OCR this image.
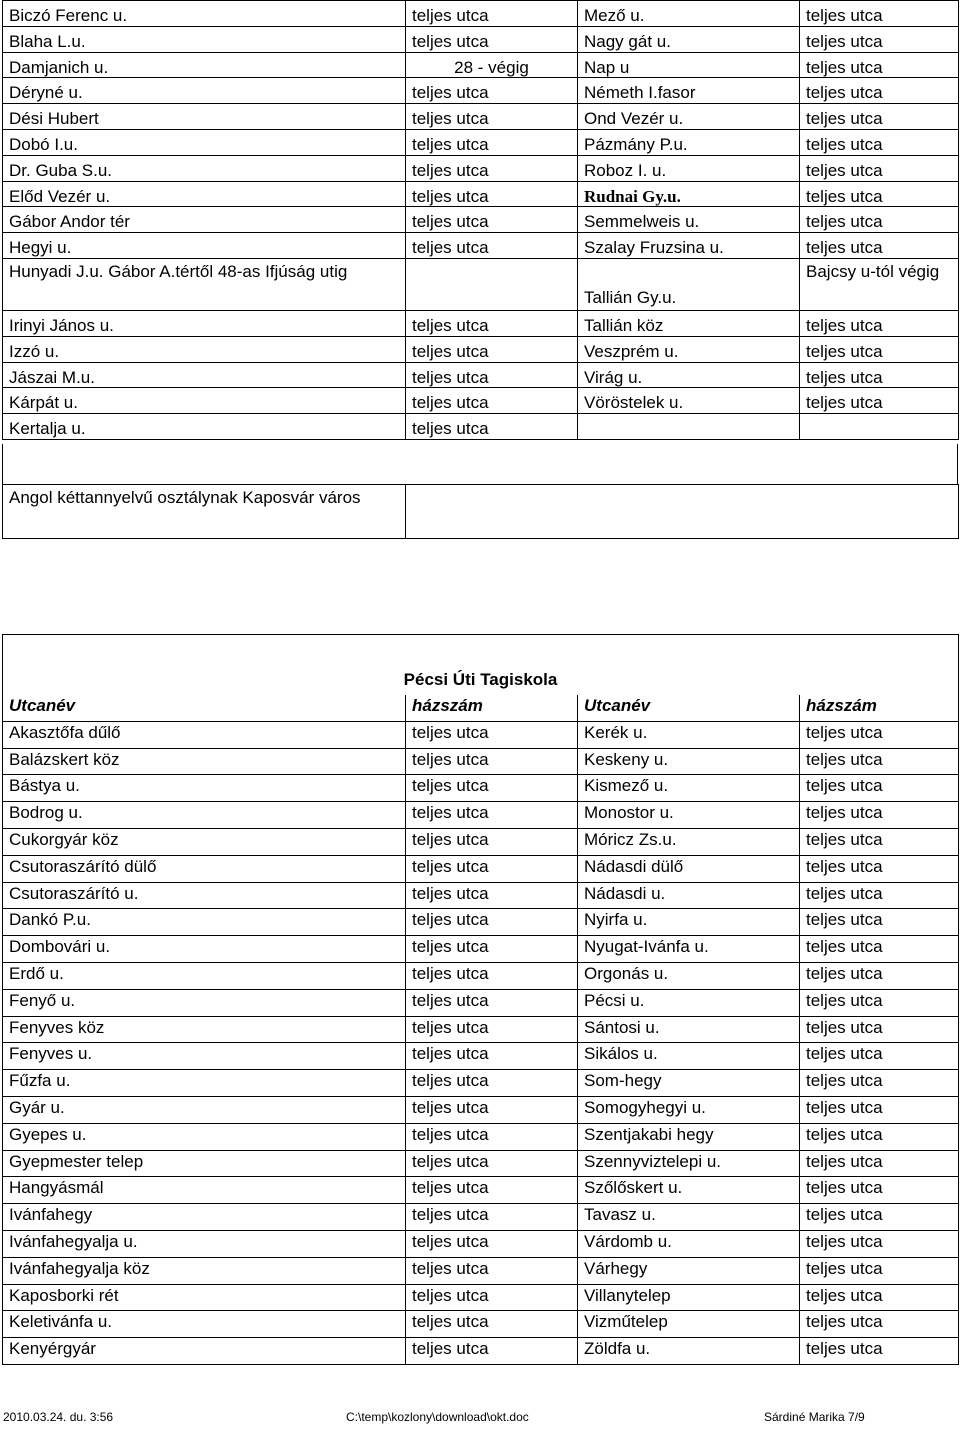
Biczó Ferenc u.	teljes utca	Mező u.	teljes utca
Blaha L.u.	teljes utca	Nagy gát u.	teljes utca
Damjanich u.	28 - végig	Nap u	teljes utca
Déryné u.	teljes utca	Németh I.fasor	teljes utca
Dési Hubert	teljes utca	Ond Vezér u.	teljes utca
Dobó I.u.	teljes utca	Pázmány P.u.	teljes utca
Dr. Guba S.u.	teljes utca	Roboz I. u.	teljes utca
Előd Vezér u.	teljes utca	Rudnai Gy.u.	teljes utca
Gábor Andor tér	teljes utca	Semmelweis u.	teljes utca
Hegyi u.	teljes utca	Szalay Fruzsina u.	teljes utca
Hunyadi J.u. Gábor A.tértől 48-as Ifjúság utig		Tallián Gy.u.	Bajcsy u-tól végig
Irinyi János u.	teljes utca	Tallián köz	teljes utca
Izzó u.	teljes utca	Veszprém u.	teljes utca
Jászai M.u.	teljes utca	Virág u.	teljes utca
Kárpát u.	teljes utca	Vöröstelek u.	teljes utca
Kertalja u.	teljes utca		
Angol kéttannyelvű osztálynak Kaposvár város	
Pécsi Úti Tagiskola			
Utcanév	házszám	Utcanév	házszám
Akasztőfa dűlő	teljes utca	Kerék u.	teljes utca
Balázskert köz	teljes utca	Keskeny u.	teljes utca
Bástya u.	teljes utca	Kismező u.	teljes utca
Bodrog u.	teljes utca	Monostor u.	teljes utca
Cukorgyár köz	teljes utca	Móricz Zs.u.	teljes utca
Csutoraszárító dülő	teljes utca	Nádasdi dülő	teljes utca
Csutoraszárító u.	teljes utca	Nádasdi u.	teljes utca
Dankó P.u.	teljes utca	Nyirfa u.	teljes utca
Dombovári u.	teljes utca	Nyugat-Ivánfa u.	teljes utca
Erdő u.	teljes utca	Orgonás u.	teljes utca
Fenyő u.	teljes utca	Pécsi u.	teljes utca
Fenyves köz	teljes utca	Sántosi u.	teljes utca
Fenyves u.	teljes utca	Sikálos u.	teljes utca
Fűzfa u.	teljes utca	Som-hegy	teljes utca
Gyár u.	teljes utca	Somogyhegyi u.	teljes utca
Gyepes u.	teljes utca	Szentjakabi hegy	teljes utca
Gyepmester telep	teljes utca	Szennyviztelepi u.	teljes utca
Hangyásmál	teljes utca	Szőlőskert u.	teljes utca
Ivánfahegy	teljes utca	Tavasz u.	teljes utca
Ivánfahegyalja u.	teljes utca	Várdomb u.	teljes utca
Ivánfahegyalja köz	teljes utca	Várhegy	teljes utca
Kaposborki rét	teljes utca	Villanytelep	teljes utca
Keletivánfa u.	teljes utca	Vizműtelep	teljes utca
Kenyérgyár	teljes utca	Zöldfa u.	teljes utca
2010.03.24. du. 3:56	C:\temp\kozlony\download\okt.doc	Sárdiné Marika 7/9
